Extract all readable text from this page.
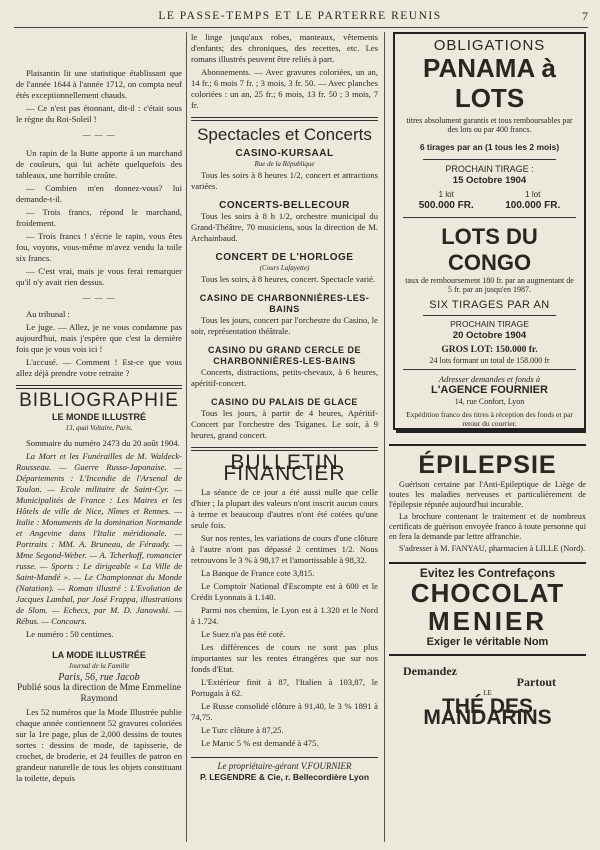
LE PASSE-TEMPS ET LE PARTERRE REUNIS	7

Plaisantin lit une statistique établissant que de l'année 1644 à l'année 1712, on compta neuf étés exceptionnellement chauds.

— Ce n'est pas étonnant, dit-il : c'était sous le règne du Roi-Soleil !

— — —

Un rapin de la Butte apporte à un marchand de couleurs, qui lui achète quelquefois des tableaux, une horrible croûte.

— Combien m'en donnez-vous? lui demande-t-il.

— Trois francs, répond le marchand, froidement.

— Trois francs ! s'écrie le rapin, vous êtes fou, voyons, vous-même m'avez vendu la toile six francs.

— C'est vrai, mais je vous ferai remarquer qu'il n'y avait rien dessus.

— — —

Au tribunal :

Le juge. — Allez, je ne vous condamne pas aujourd'hui, mais j'espère que c'est la dernière fois que je vous vois ici !

L'accusé. — Comment ! Est-ce que vous allez déjà prendre votre retraite ?

BIBLIOGRAPHIE
LE MONDE ILLUSTRÉ
13, quai Voltaire, Paris.

Sommaire du numéro 2473 du 20 août 1904.

La Mort et les Funérailles de M. Waldeck-Rousseau. — Guerre Russo-Japonaise. — Départements : L'Incendie de l'Arsenal de Toulon. — Ecole militaire de Saint-Cyr. — Municipalités de France : Les Maires et les Hôtels de ville de Nice, Nîmes et Rennes. — Italie : Monuments de la domination Normande et Angevine dans l'Italie méridionale. — Portraits : MM. A. Bruneau, de Féraudy. — Mme Segond-Weber. — A. Tcherkoff, romancier russe. — Sports : Le dirigeable « La Ville de Saint-Mandé ». — Le Championnat du Monde (Natation). — Roman illustré : L'Evolution de Jacques Lambal, par José Frappa, illustrations de Slom. — Echecs, par M. D. Janowski. — Rébus. — Concours.

Le numéro : 50 centimes.

LA MODE ILLUSTRÉE
Journal de la Famille
Paris, 56, rue Jacob

Publié sous la direction de Mme Emmeline Raymond

Les 52 numéros que la Mode Illustrée publie chaque année contiennent 52 gravures coloriées sur la 1re page, plus de 2,000 dessins de toutes sortes : dessins de mode, de tapisserie, de crochet, de broderie, et 24 feuilles de patron en grandeur naturelle de tous les objets constituant la toilette, depuis

le linge jusqu'aux robes, manteaux, vêtements d'enfants; des chroniques, des recettes, etc. Les romans illustrés peuvent être reliés à part.

Abonnements. — Avec gravures coloriées, un an, 14 fr.; 6 mois 7 fr. ; 3 mois, 3 fr. 50. — Avec planches coloriées : un an, 25 fr.; 6 mois, 13 fr. 50 ; 3 mois, 7 fr.

Spectacles et Concerts
CASINO-KURSAAL
Rue de la République

Tous les soirs à 8 heures 1/2, concert et attractions variées.

CONCERTS-BELLECOUR

Tous les soirs à 8 h 1/2, orchestre municipal du Grand-Théâtre, 70 musiciens, sous la direction de M. Archainbaud.

CONCERT DE L'HORLOGE
(Cours Lafayette)

Tous les soirs, à 8 heures, concert. Spectacle varié.

CASINO DE CHARBONNIÈRES-LES-BAINS

Tous les jours, concert par l'orchestre du Casino, le soir, représentation théâtrale.

CASINO DU GRAND CERCLE DE CHARBONNIÈRES-LES-BAINS

Concerts, distractions, petits-chevaux, à 6 heures, apéritif-concert.

CASINO DU PALAIS DE GLACE

Tous les jours, à partir de 4 heures, Apéritif-Concert par l'orchestre des Tsiganes. Le soir, à 9 heures, grand concert.

BULLETIN FINANCIER

La séance de ce jour a été aussi nulle que celle d'hier ; la plupart des valeurs n'ont inscrit aucun cours à terme et beaucoup d'autres n'ont été cotées qu'une seule fois.

Sur nos rentes, les variations de cours d'une clôture à l'autre n'ont pas dépassé 2 centimes 1/2. Nous retrouvons le 3 % à 98,17 et l'amortissable à 98,32.

La Banque de France cote 3,815.

Le Comptoir National d'Escompte est à 600 et le Crédit Lyonnais à 1.140.

Parmi nos chemins, le Lyon est à 1.320 et le Nord à 1.724.

Le Suez n'a pas été coté.

Les différences de cours ne sont pas plus importantes sur les rentes étrangères que sur nos fonds d'Etat.

L'Extérieur finit à 87, l'Italien à 103,87, le Portugais à 62.

Le Russe consolidé clôture à 91,40, le 3 % 1891 à 74,75.

Le Turc clôture à 87,25.

Le Maroc 5 % est demandé à 475.

Le propriétaire-gérant V.FOURNIER
P. LEGENDRE & Cie, r. Bellecordière Lyon
OBLIGATIONS
PANAMA à LOTS

titres absolument garantis et tous remboursables par des lots ou par 400 francs.

6 tirages par an (1 tous les 2 mois)
PROCHAIN TIRAGE :
15 Octobre 1904
1 lot
500.000 FR.
1 lot
100.000 FR.
LOTS DU CONGO

taux de remboursement 180 fr. par an augmentant de 5 fr. par an jusqu'en 1987.

SIX TIRAGES PAR AN
PROCHAIN TIRAGE
20 Octobre 1904
GROS LOT: 150.000 fr.

24 lots formant un total de 158.000 fr

Adresser demandes et fonds à
L'AGENCE FOURNIER
14, rue Confort, Lyon

Expédition franco des titres à réception des fonds et par retour du courrier.

ÉPILEPSIE

Guérison certaine par l'Anti-Epileptique de Liège de toutes les maladies nerveuses et particulièrement de l'épilepsie réputée aujourd'hui incurable.

La brochure contenant le traitement et de nombreux certificats de guérison envoyée franco à toute personne qui en fera la demande par lettre affranchie.

S'adresser à M. FANYAU, pharmacien à LILLE (Nord).

Evitez les Contrefaçons
CHOCOLAT
MENIER
Exiger le véritable Nom
Demandez
Partout
LE
THÉ DES MANDARINS
